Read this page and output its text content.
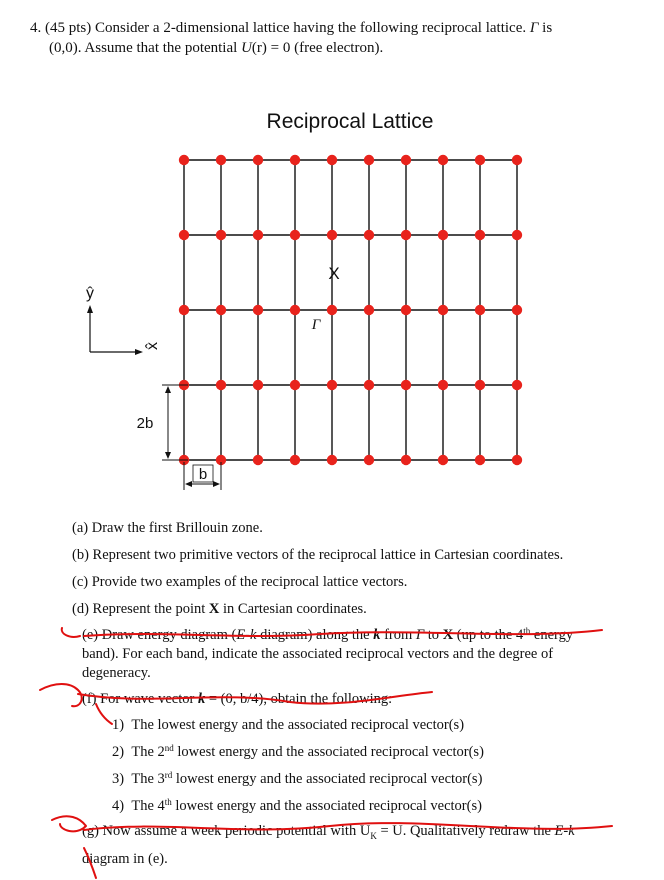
4. (45 pts) Consider a 2-dimensional lattice having the following reciprocal lattice. Γ is
(0,0). Assume that the potential U(r) = 0 (free electron).
Reciprocal Lattice
X
Γ
ŷ
x̂
2b
b
(a) Draw the first Brillouin zone.
(b) Represent two primitive vectors of the reciprocal lattice in Cartesian coordinates.
(c) Provide two examples of the reciprocal lattice vectors.
(d) Represent the point X in Cartesian coordinates.
(e) Draw energy diagram (E-k diagram) along the k from Γ to X (up to the 4th energy
band). For each band, indicate the associated reciprocal vectors and the degree of
degeneracy.
(f) For wave vector k = (0, b/4), obtain the following:
1) The lowest energy and the associated reciprocal vector(s)
2) The 2nd lowest energy and the associated reciprocal vector(s)
3) The 3rd lowest energy and the associated reciprocal vector(s)
4) The 4th lowest energy and the associated reciprocal vector(s)
(g) Now assume a week periodic potential with $U_K = U$. Qualitatively redraw the E-k
diagram in (e).
